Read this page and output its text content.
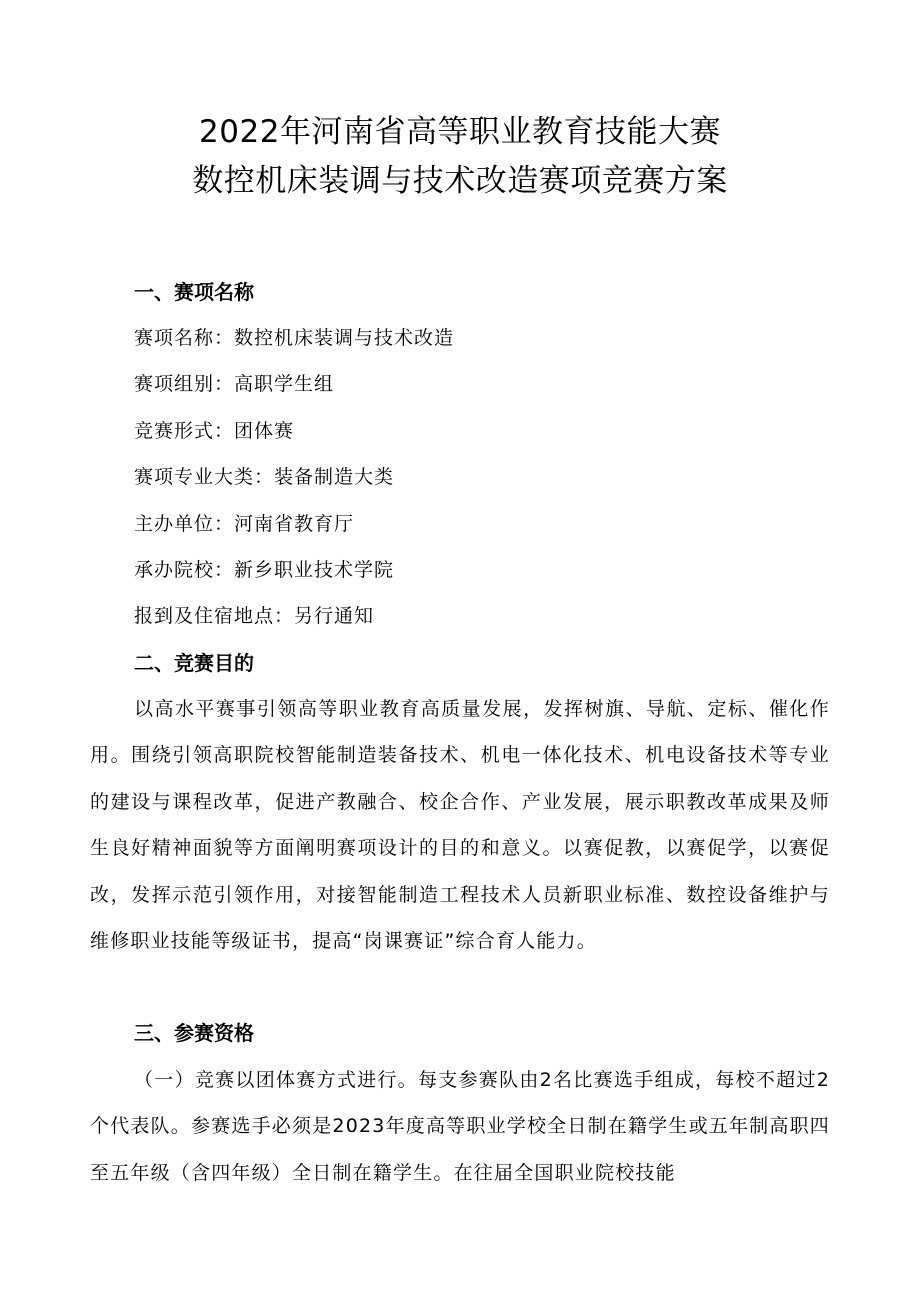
2022年河南省高等职业教育技能大赛
数控机床装调与技术改造赛项竞赛方案
一、赛项名称
赛项名称：数控机床装调与技术改造
赛项组别：高职学生组
竞赛形式：团体赛
赛项专业大类：装备制造大类
主办单位：河南省教育厅
承办院校：新乡职业技术学院
报到及住宿地点：另行通知
二、竞赛目的
以高水平赛事引领高等职业教育高质量发展，发挥树旗、导航、定标、催化作用。围绕引领高职院校智能制造装备技术、机电一体化技术、机电设备技术等专业的建设与课程改革，促进产教融合、校企合作、产业发展，展示职教改革成果及师生良好精神面貌等方面阐明赛项设计的目的和意义。以赛促教，以赛促学，以赛促改，发挥示范引领作用，对接智能制造工程技术人员新职业标准、数控设备维护与维修职业技能等级证书，提高“岗课赛证”综合育人能力。
三、参赛资格
（一）竞赛以团体赛方式进行。每支参赛队由2名比赛选手组成，每校不超过2个代表队。参赛选手必须是2023年度高等职业学校全日制在籍学生或五年制高职四至五年级（含四年级）全日制在籍学生。在往届全国职业院校技能
